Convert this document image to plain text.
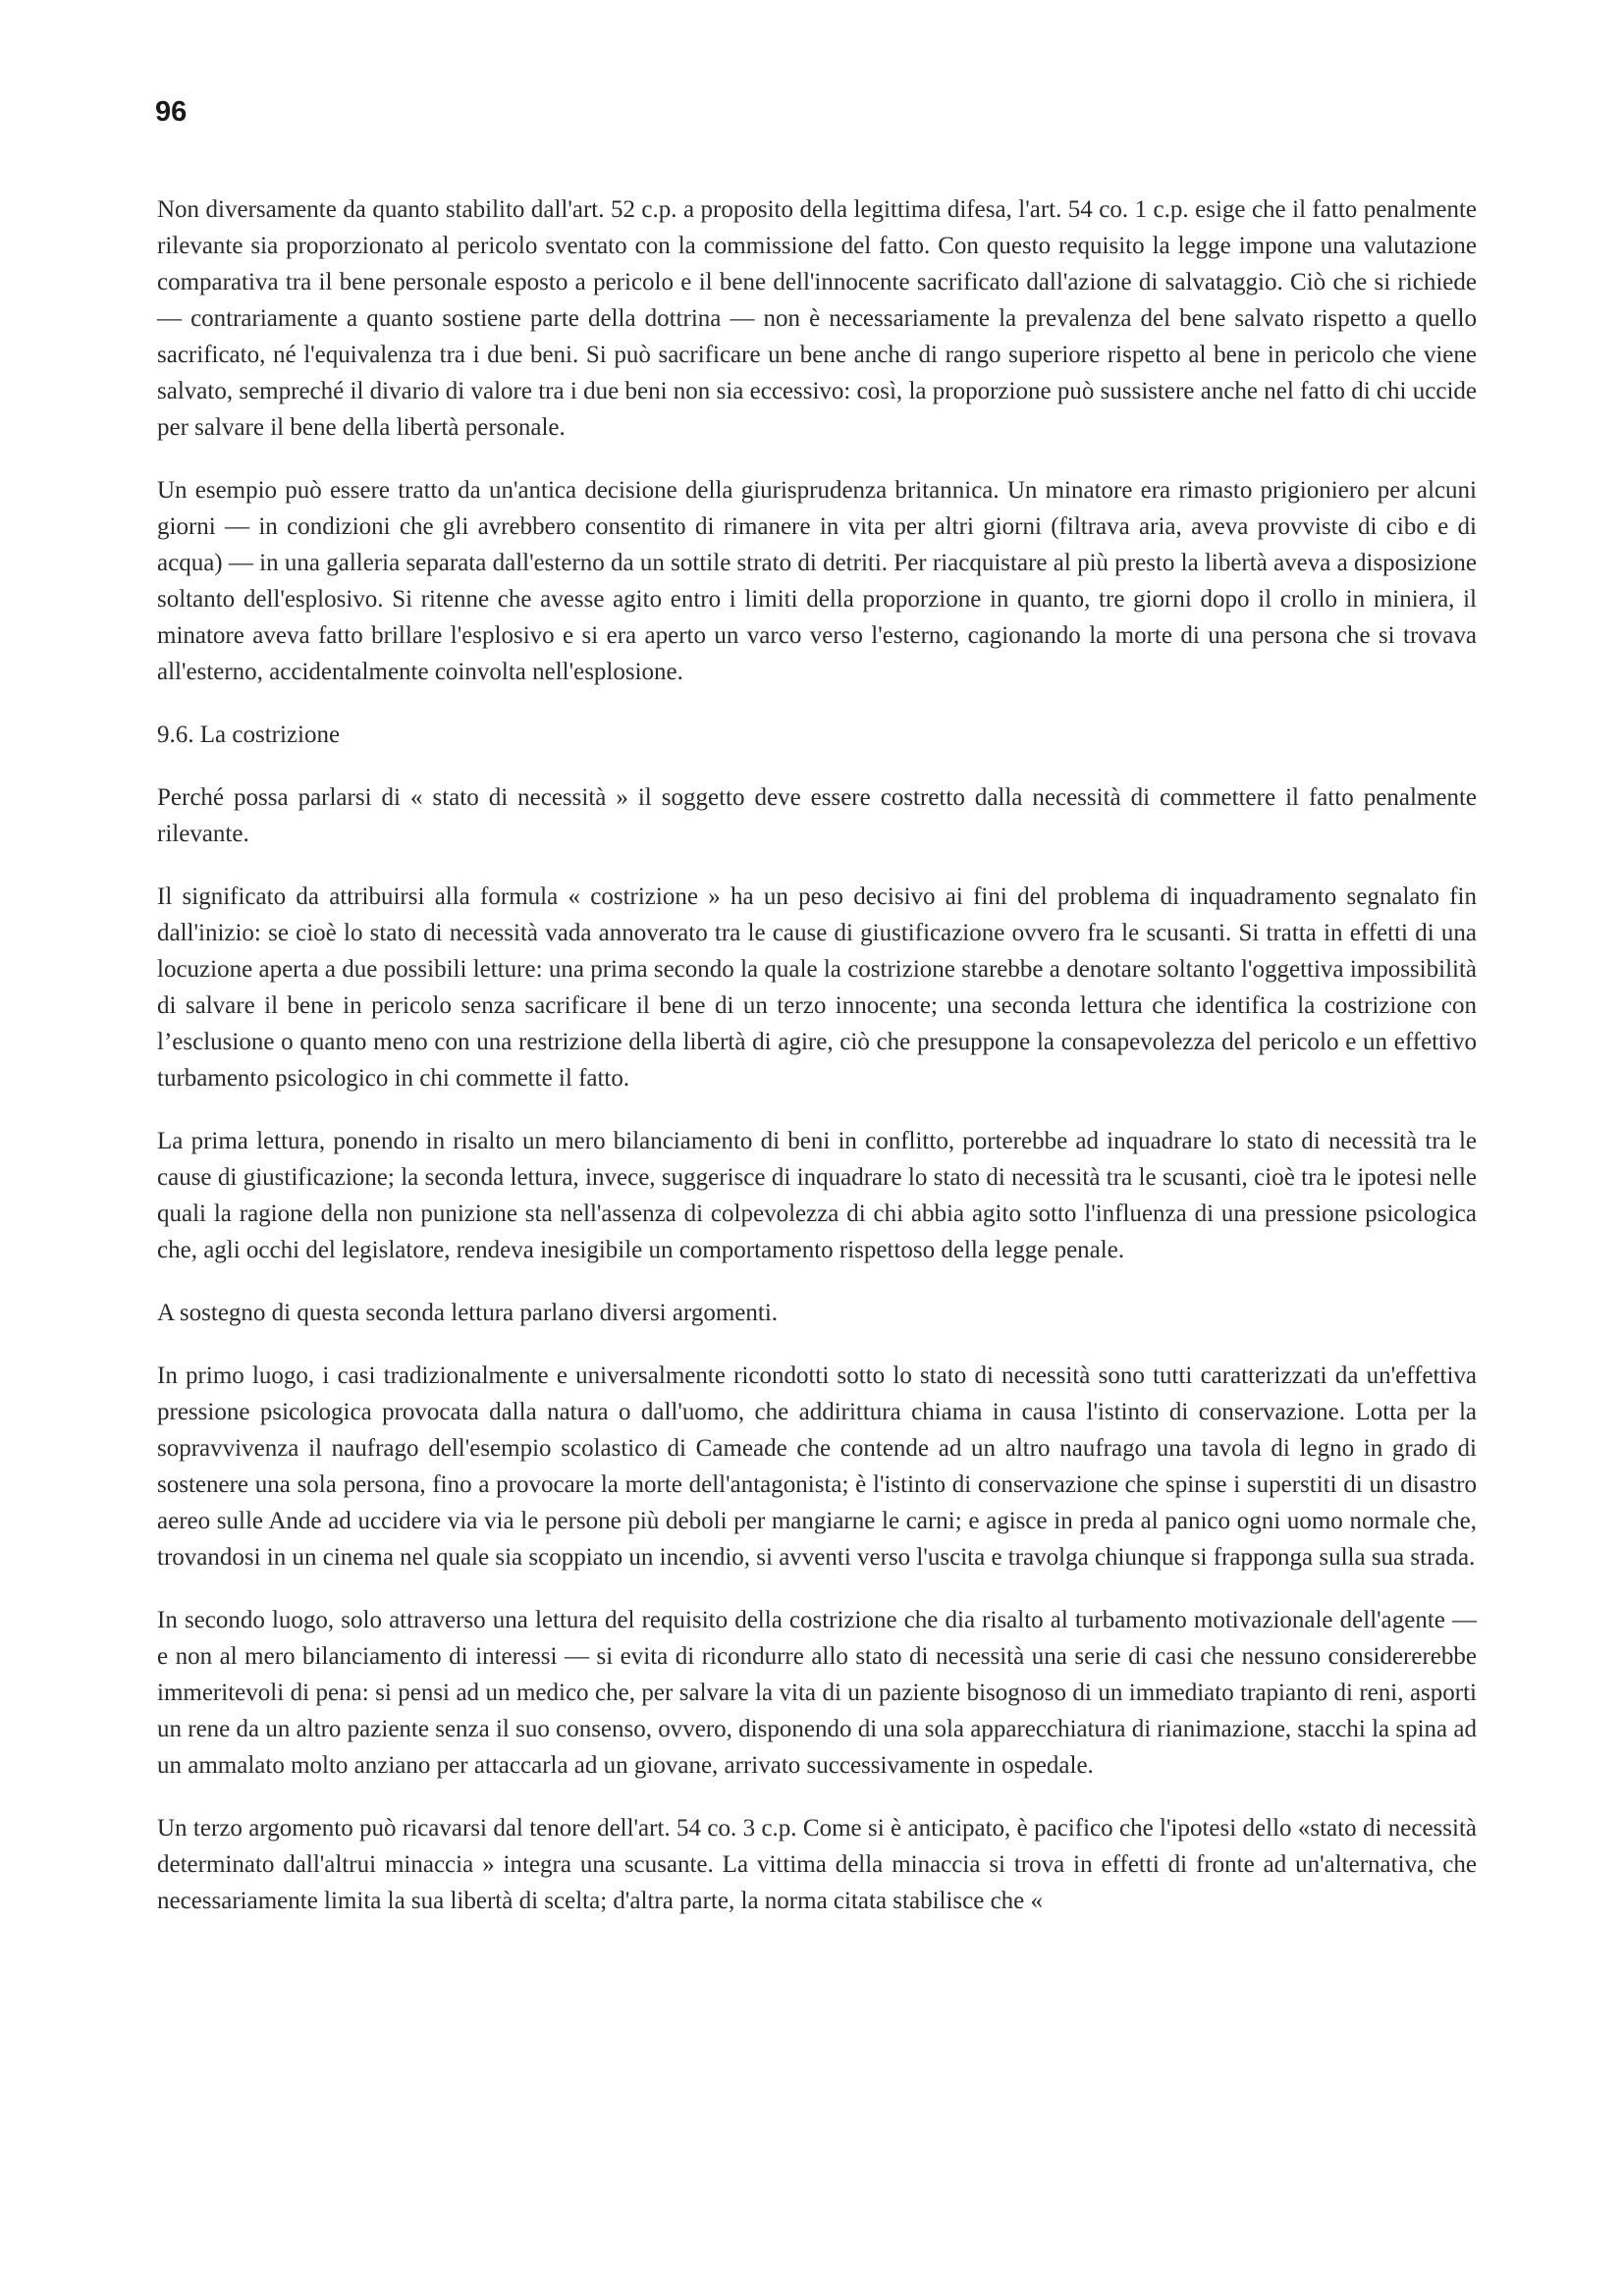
96

Non diversamente da quanto stabilito dall'art. 52 c.p. a proposito della legittima difesa, l'art. 54 co. 1 c.p. esige che il fatto penalmente rilevante sia proporzionato al pericolo sventato con la commissione del fatto. Con questo requisito la legge impone una valutazione comparativa tra il bene personale esposto a pericolo e il bene dell'innocente sacrificato dall'azione di salvataggio. Ciò che si richiede — contrariamente a quanto sostiene parte della dottrina — non è necessariamente la prevalenza del bene salvato rispetto a quello sacrificato, né l'equivalenza tra i due beni. Si può sacrificare un bene anche di rango superiore rispetto al bene in pericolo che viene salvato, sempreché il divario di valore tra i due beni non sia eccessivo: così, la proporzione può sussistere anche nel fatto di chi uccide per salvare il bene della libertà personale.

Un esempio può essere tratto da un'antica decisione della giurisprudenza britannica. Un minatore era rimasto prigioniero per alcuni giorni — in condizioni che gli avrebbero consentito di rimanere in vita per altri giorni (filtrava aria, aveva provviste di cibo e di acqua) — in una galleria separata dall'esterno da un sottile strato di detriti. Per riacquistare al più presto la libertà aveva a disposizione soltanto dell'esplosivo. Si ritenne che avesse agito entro i limiti della proporzione in quanto, tre giorni dopo il crollo in miniera, il minatore aveva fatto brillare l'esplosivo e si era aperto un varco verso l'esterno, cagionando la morte di una persona che si trovava all'esterno, accidentalmente coinvolta nell'esplosione.

9.6. La costrizione

Perché possa parlarsi di « stato di necessità » il soggetto deve essere costretto dalla necessità di commettere il fatto penalmente rilevante.

Il significato da attribuirsi alla formula « costrizione » ha un peso decisivo ai fini del problema di inquadramento segnalato fin dall'inizio: se cioè lo stato di necessità vada annoverato tra le cause di giustificazione ovvero fra le scusanti. Si tratta in effetti di una locuzione aperta a due possibili letture: una prima secondo la quale la costrizione starebbe a denotare soltanto l'oggettiva impossibilità di salvare il bene in pericolo senza sacrificare il bene di un terzo innocente; una seconda lettura che identifica la costrizione con l’esclusione o quanto meno con una restrizione della libertà di agire, ciò che presuppone la consapevolezza del pericolo e un effettivo turbamento psicologico in chi commette il fatto.

La prima lettura, ponendo in risalto un mero bilanciamento di beni in conflitto, porterebbe ad inquadrare lo stato di necessità tra le cause di giustificazione; la seconda lettura, invece, suggerisce di inquadrare lo stato di necessità tra le scusanti, cioè tra le ipotesi nelle quali la ragione della non punizione sta nell'assenza di colpevolezza di chi abbia agito sotto l'influenza di una pressione psicologica che, agli occhi del legislatore, rendeva inesigibile un comportamento rispettoso della legge penale.

A sostegno di questa seconda lettura parlano diversi argomenti.

In primo luogo, i casi tradizionalmente e universalmente ricondotti sotto lo stato di necessità sono tutti caratterizzati da un'effettiva pressione psicologica provocata dalla natura o dall'uomo, che addirittura chiama in causa l'istinto di conservazione. Lotta per la sopravvivenza il naufrago dell'esempio scolastico di Cameade che contende ad un altro naufrago una tavola di legno in grado di sostenere una sola persona, fino a provocare la morte dell'antagonista; è l'istinto di conservazione che spinse i superstiti di un disastro aereo sulle Ande ad uccidere via via le persone più deboli per mangiarne le carni; e agisce in preda al panico ogni uomo normale che, trovandosi in un cinema nel quale sia scoppiato un incendio, si avventi verso l'uscita e travolga chiunque si frapponga sulla sua strada.

In secondo luogo, solo attraverso una lettura del requisito della costrizione che dia risalto al turbamento motivazionale dell'agente — e non al mero bilanciamento di interessi — si evita di ricondurre allo stato di necessità una serie di casi che nessuno considererebbe immeritevoli di pena: si pensi ad un medico che, per salvare la vita di un paziente bisognoso di un immediato trapianto di reni, asporti un rene da un altro paziente senza il suo consenso, ovvero, disponendo di una sola apparecchiatura di rianimazione, stacchi la spina ad un ammalato molto anziano per attaccarla ad un giovane, arrivato successivamente in ospedale.

Un terzo argomento può ricavarsi dal tenore dell'art. 54 co. 3 c.p. Come si è anticipato, è pacifico che l'ipotesi dello «stato di necessità determinato dall'altrui minaccia » integra una scusante. La vittima della minaccia si trova in effetti di fronte ad un'alternativa, che necessariamente limita la sua libertà di scelta; d'altra parte, la norma citata stabilisce che «
